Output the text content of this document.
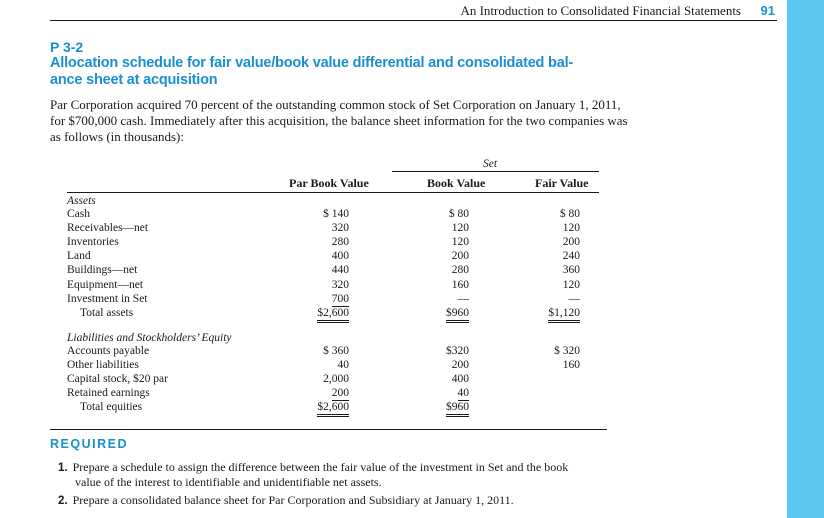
An Introduction to Consolidated Financial Statements 91
P 3-2
Allocation schedule for fair value/book value differential and consolidated bal-
ance sheet at acquisition
Par Corporation acquired 70 percent of the outstanding common stock of Set Corporation on January 1, 2011, for $700,000 cash. Immediately after this acquisition, the balance sheet information for the two companies was as follows (in thousands):
Set
Par Book Value	Book Value	Fair Value
Assets
Liabilities and Stockholders’ Equity
REQUIRED
1. Prepare a schedule to assign the difference between the fair value of the investment in Set and the book
value of the interest to identifiable and unidentifiable net assets.
2. Prepare a consolidated balance sheet for Par Corporation and Subsidiary at January 1, 2011.
Cash	$ 140	$ 80	$ 80
Receivables—net	320	120	120
Inventories	280	120	200
Land	400	200	240
Buildings—net	440	280	360
Equipment—net	320	160	120
Investment in Set	700	—	—
Total assets	$2,600	$960	$1,120
Accounts payable	$ 360	$320	$ 320
Other liabilities	40	200	160
Capital stock, $20 par	2,000	400
Retained earnings	200	40
Total equities	$2,600	$960
